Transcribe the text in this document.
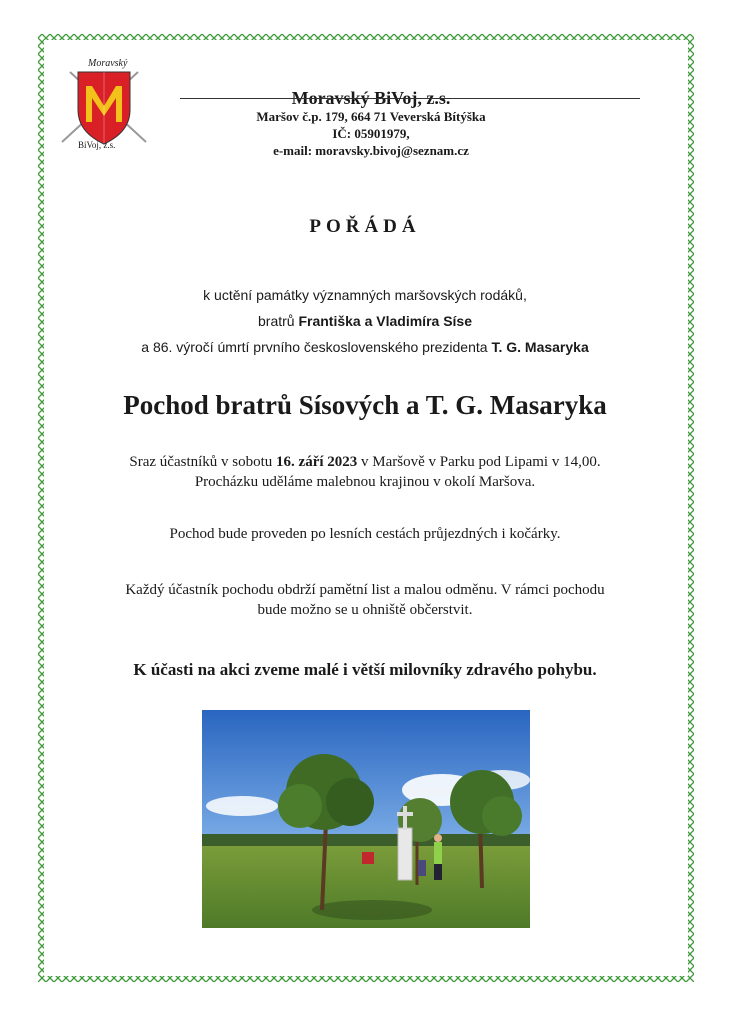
Moravský
BiVoj, z.s.
Moravský BiVoj, z.s.
Maršov č.p. 179, 664 71 Veverská Bítýška
IČ: 05901979,
e-mail: moravsky.bivoj@seznam.cz
POŘÁDÁ
k uctění památky významných maršovských rodáků,
bratrů Františka a Vladimíra Síse
a 86. výročí úmrtí prvního československého prezidenta T. G. Masaryka
Pochod bratrů Sísových a T. G. Masaryka
Sraz účastníků v sobotu 16. září 2023 v Maršově v Parku pod Lipami v 14,00.
Procházku uděláme malebnou krajinou v okolí Maršova.
Pochod bude proveden po lesních cestách průjezdných i kočárky.
Každý účastník pochodu obdrží pamětní list a malou odměnu. V rámci pochodu
bude možno se u ohniště občerstvit.
K účasti na akci zveme malé i větší milovníky zdravého pohybu.
